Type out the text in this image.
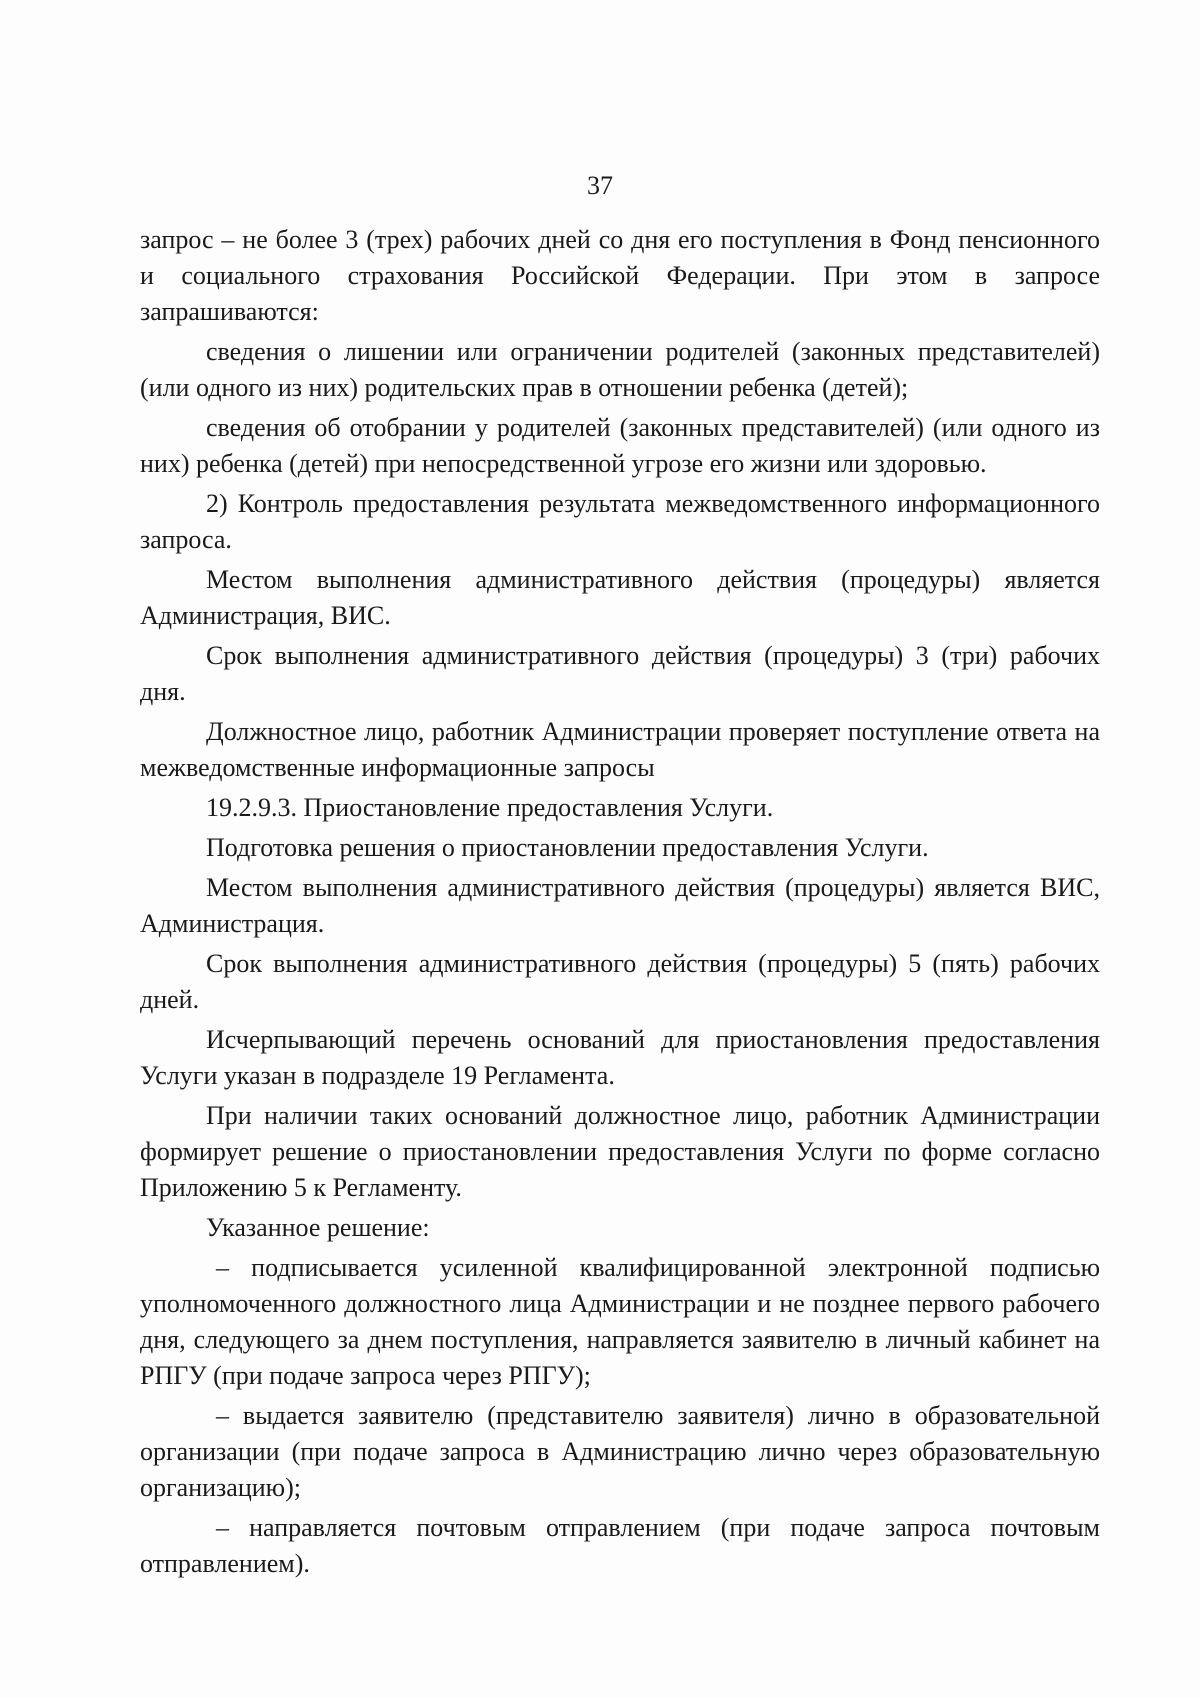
37

запрос – не более 3 (трех) рабочих дней со дня его поступления в Фонд пенсионного и социального страхования Российской Федерации. При этом в запросе запрашиваются:

сведения о лишении или ограничении родителей (законных представителей) (или одного из них) родительских прав в отношении ребенка (детей);

сведения об отобрании у родителей (законных представителей) (или одного из них) ребенка (детей) при непосредственной угрозе его жизни или здоровью.

2) Контроль предоставления результата межведомственного информационного запроса.

Местом выполнения административного действия (процедуры) является Администрация, ВИС.

Срок выполнения административного действия (процедуры) 3 (три) рабочих дня.

Должностное лицо, работник Администрации проверяет поступление ответа на межведомственные информационные запросы

19.2.9.3. Приостановление предоставления Услуги.

Подготовка решения о приостановлении предоставления Услуги.

Местом выполнения административного действия (процедуры) является ВИС, Администрация.

Срок выполнения административного действия (процедуры) 5 (пять) рабочих дней.

Исчерпывающий перечень оснований для приостановления предоставления Услуги указан в подразделе 19 Регламента.

При наличии таких оснований должностное лицо, работник Администрации формирует решение о приостановлении предоставления Услуги по форме согласно Приложению 5 к Регламенту.

Указанное решение:

– подписывается усиленной квалифицированной электронной подписью уполномоченного должностного лица Администрации и не позднее первого рабочего дня, следующего за днем поступления, направляется заявителю в личный кабинет на РПГУ (при подаче запроса через РПГУ);

– выдается заявителю (представителю заявителя) лично в образовательной организации (при подаче запроса в Администрацию лично через образовательную организацию);

– направляется почтовым отправлением (при подаче запроса почтовым отправлением).
